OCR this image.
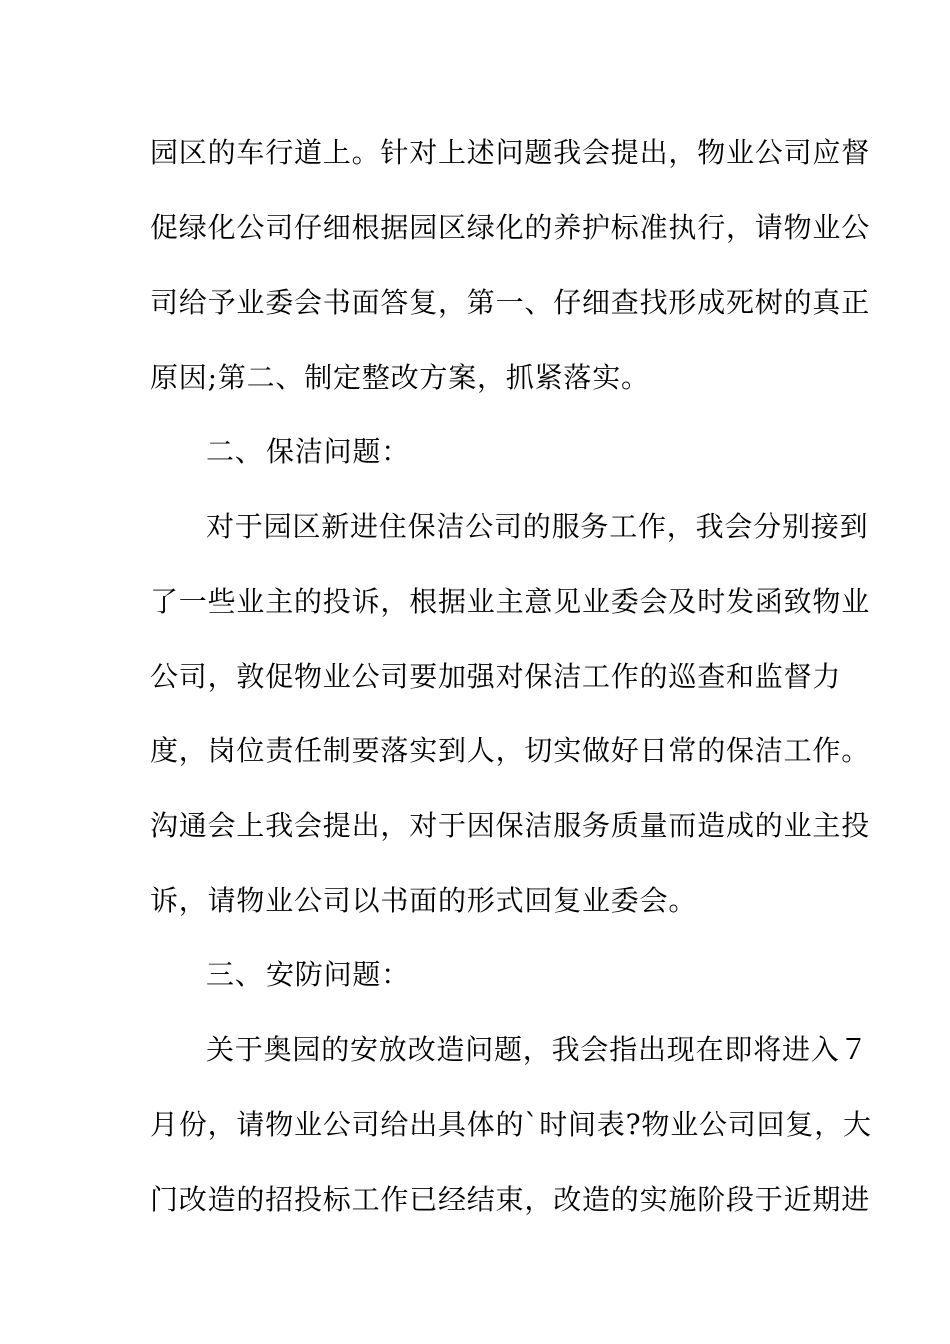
园区的车行道上。针对上述问题我会提出，物业公司应督
促绿化公司仔细根据园区绿化的养护标准执行，请物业公
司给予业委会书面答复，第一、仔细查找形成死树的真正
原因;第二、制定整改方案，抓紧落实。
二、保洁问题：
对于园区新进住保洁公司的服务工作，我会分别接到
了一些业主的投诉，根据业主意见业委会及时发函致物业
公司，敦促物业公司要加强对保洁工作的巡查和监督力
度，岗位责任制要落实到人，切实做好日常的保洁工作。
沟通会上我会提出，对于因保洁服务质量而造成的业主投
诉，请物业公司以书面的形式回复业委会。
三、安防问题：
关于奥园的安放改造问题，我会指出现在即将进入７
月份，请物业公司给出具体的`时间表?物业公司回复，大
门改造的招投标工作已经结束，改造的实施阶段于近期进
